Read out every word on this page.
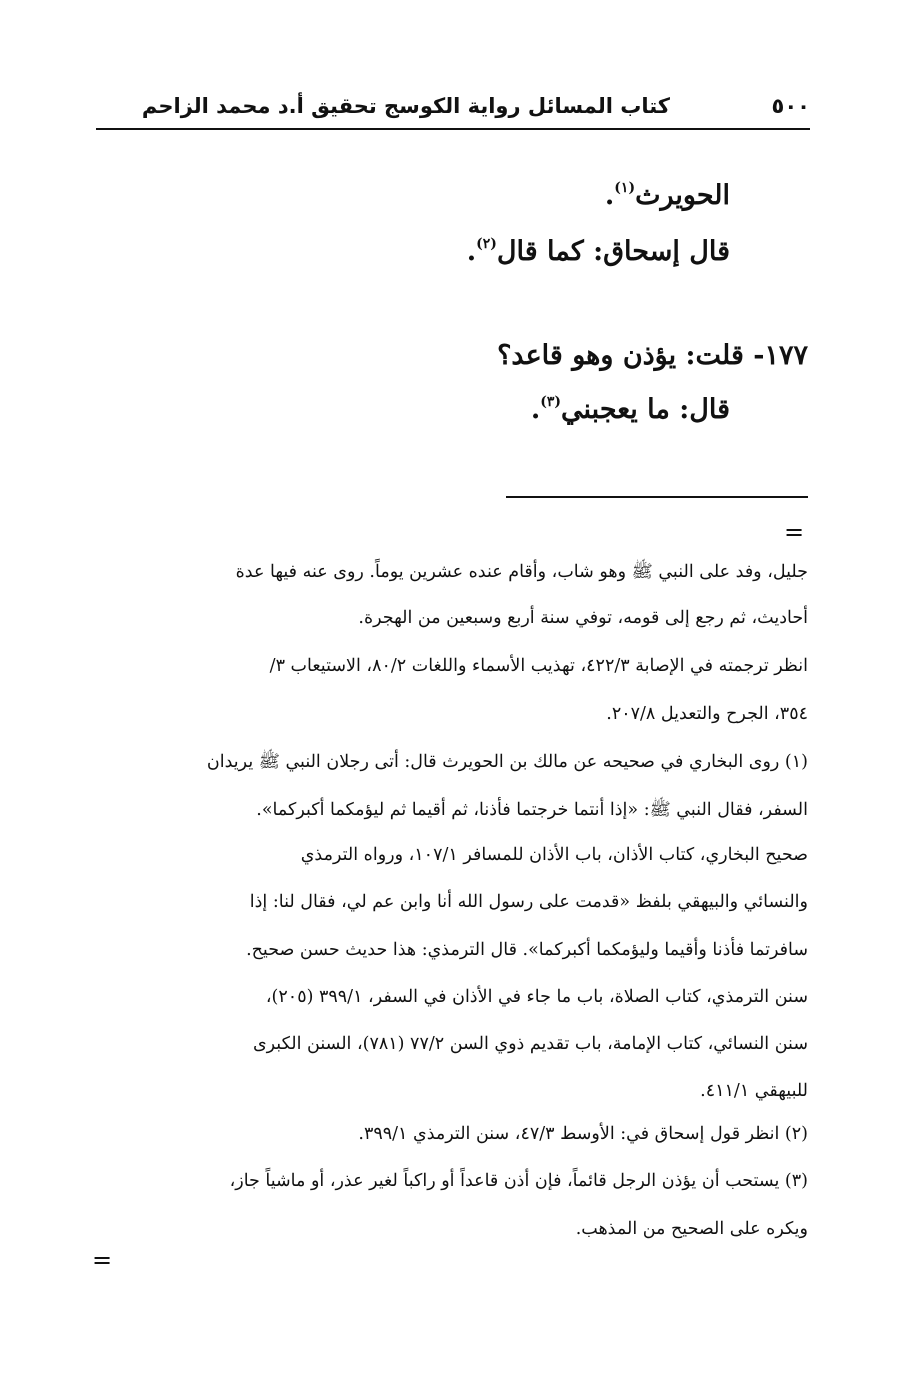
كتاب المسائل رواية الكوسج تحقيق أ.د محمد الزاحم	٥٠٠
الحويرث$^{(١)}$.
قال إسحاق: كما قال$^{(٢)}$.
١٧٧- قلت: يؤذن وهو قاعد؟
قال: ما يعجبني$^{(٣)}$.
=
جليل، وفد على النبي ﷺ وهو شاب، وأقام عنده عشرين يوماً. روى عنه فيها عدة
أحاديث، ثم رجع إلى قومه، توفي سنة أربع وسبعين من الهجرة.
انظر ترجمته في الإصابة ٤٢٢/٣، تهذيب الأسماء واللغات ٨٠/٢، الاستيعاب ٣/
٣٥٤، الجرح والتعديل ٢٠٧/٨.
(١) روى البخاري في صحيحه عن مالك بن الحويرث قال: أتى رجلان النبي ﷺ يريدان
السفر، فقال النبي ﷺ: «إذا أنتما خرجتما فأذنا، ثم أقيما ثم ليؤمكما أكبركما».
صحيح البخاري، كتاب الأذان، باب الأذان للمسافر ١٠٧/١، ورواه الترمذي
والنسائي والبيهقي بلفظ «قدمت على رسول الله أنا وابن عم لي، فقال لنا: إذا
سافرتما فأذنا وأقيما وليؤمكما أكبركما». قال الترمذي: هذا حديث حسن صحيح.
سنن الترمذي، كتاب الصلاة، باب ما جاء في الأذان في السفر، ٣٩٩/١ (٢٠٥)،
سنن النسائي، كتاب الإمامة، باب تقديم ذوي السن ٧٧/٢ (٧٨١)، السنن الكبرى
للبيهقي ٤١١/١.
(٢) انظر قول إسحاق في: الأوسط ٤٧/٣، سنن الترمذي ٣٩٩/١.
(٣) يستحب أن يؤذن الرجل قائماً، فإن أذن قاعداً أو راكباً لغير عذر، أو ماشياً جاز،
ويكره على الصحيح من المذهب.
=
